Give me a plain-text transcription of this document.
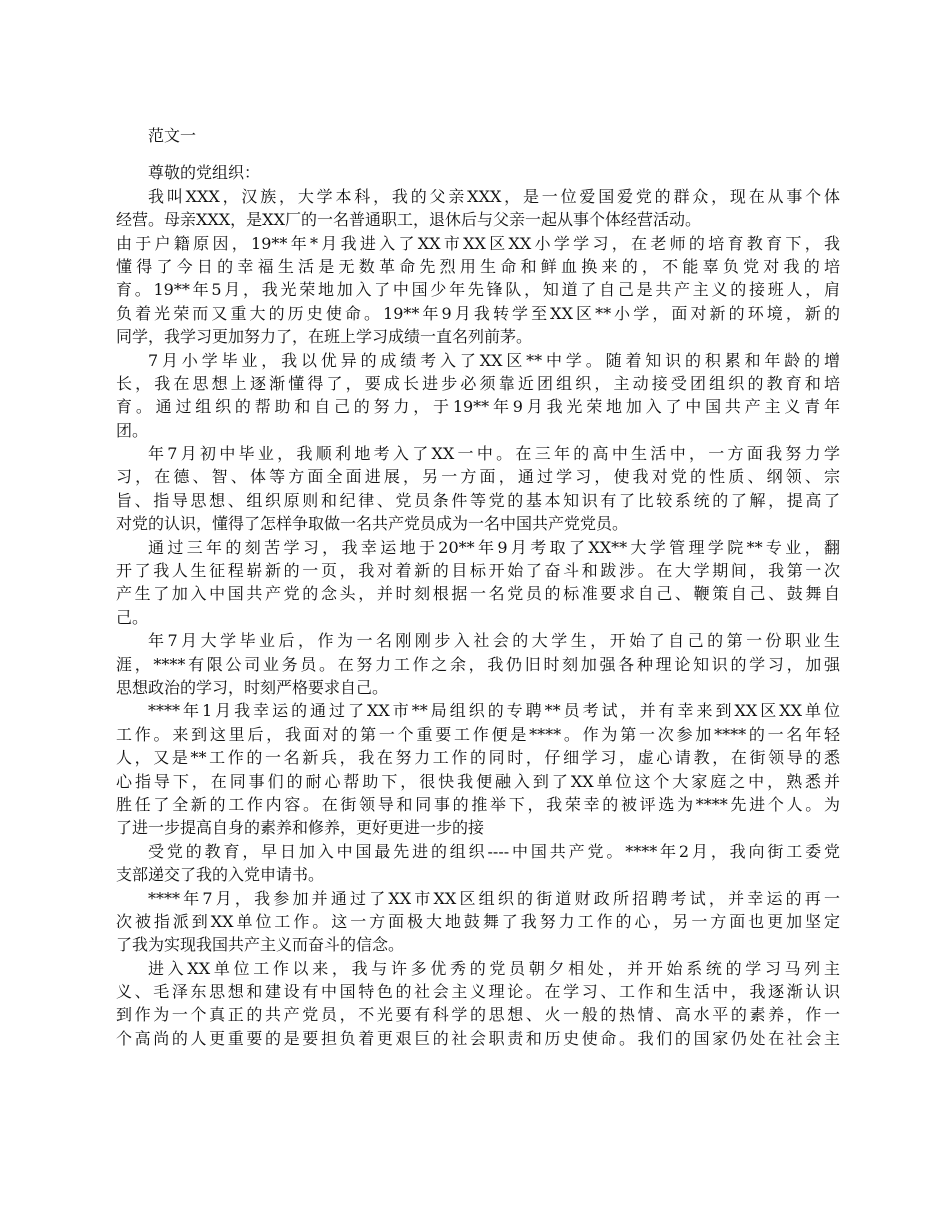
范文一

尊敬的党组织：

我叫XXX，汉族，大学本科，我的父亲XXX，是一位爱国爱党的群众，现在从事个体
经营。母亲XXX，是XX厂的一名普通职工，退休后与父亲一起从事个体经营活动。
由于户籍原因，19**年*月我进入了XX市XX区XX小学学习，在老师的培育教育下，我
懂得了今日的幸福生活是无数革命先烈用生命和鲜血换来的，不能辜负党对我的培
育。19**年5月，我光荣地加入了中国少年先锋队，知道了自己是共产主义的接班人，肩
负着光荣而又重大的历史使命。19**年9月我转学至XX区**小学，面对新的环境，新的
同学，我学习更加努力了，在班上学习成绩一直名列前茅。
7月小学毕业，我以优异的成绩考入了XX区**中学。随着知识的积累和年龄的增
长，我在思想上逐渐懂得了，要成长进步必须靠近团组织，主动接受团组织的教育和培
育。通过组织的帮助和自己的努力，于19**年9月我光荣地加入了中国共产主义青年
团。
年7月初中毕业，我顺利地考入了XX一中。在三年的高中生活中，一方面我努力学
习，在德、智、体等方面全面进展，另一方面，通过学习，使我对党的性质、纲领、宗
旨、指导思想、组织原则和纪律、党员条件等党的基本知识有了比较系统的了解，提高了
对党的认识，懂得了怎样争取做一名共产党员成为一名中国共产党党员。
通过三年的刻苦学习，我幸运地于20**年9月考取了XX**大学管理学院**专业，翻
开了我人生征程崭新的一页，我对着新的目标开始了奋斗和跋涉。在大学期间，我第一次
产生了加入中国共产党的念头，并时刻根据一名党员的标准要求自己、鞭策自己、鼓舞自
己。
年7月大学毕业后，作为一名刚刚步入社会的大学生，开始了自己的第一份职业生
涯，****有限公司业务员。在努力工作之余，我仍旧时刻加强各种理论知识的学习，加强
思想政治的学习，时刻严格要求自己。
****年1月我幸运的通过了XX市**局组织的专聘**员考试，并有幸来到XX区XX单位
工作。来到这里后，我面对的第一个重要工作便是****。作为第一次参加****的一名年轻
人，又是**工作的一名新兵，我在努力工作的同时，仔细学习，虚心请教，在街领导的悉
心指导下，在同事们的耐心帮助下，很快我便融入到了XX单位这个大家庭之中，熟悉并
胜任了全新的工作内容。在街领导和同事的推举下，我荣幸的被评选为****先进个人。为
了进一步提高自身的素养和修养，更好更进一步的接
受党的教育，早日加入中国最先进的组织----中国共产党。****年2月，我向街工委党
支部递交了我的入党申请书。
****年7月，我参加并通过了XX市XX区组织的街道财政所招聘考试，并幸运的再一
次被指派到XX单位工作。这一方面极大地鼓舞了我努力工作的心，另一方面也更加坚定
了我为实现我国共产主义而奋斗的信念。
进入XX单位工作以来，我与许多优秀的党员朝夕相处，并开始系统的学习马列主
义、毛泽东思想和建设有中国特色的社会主义理论。在学习、工作和生活中，我逐渐认识
到作为一个真正的共产党员，不光要有科学的思想、火一般的热情、高水平的素养，作一
个高尚的人更重要的是要担负着更艰巨的社会职责和历史使命。我们的国家仍处在社会主
